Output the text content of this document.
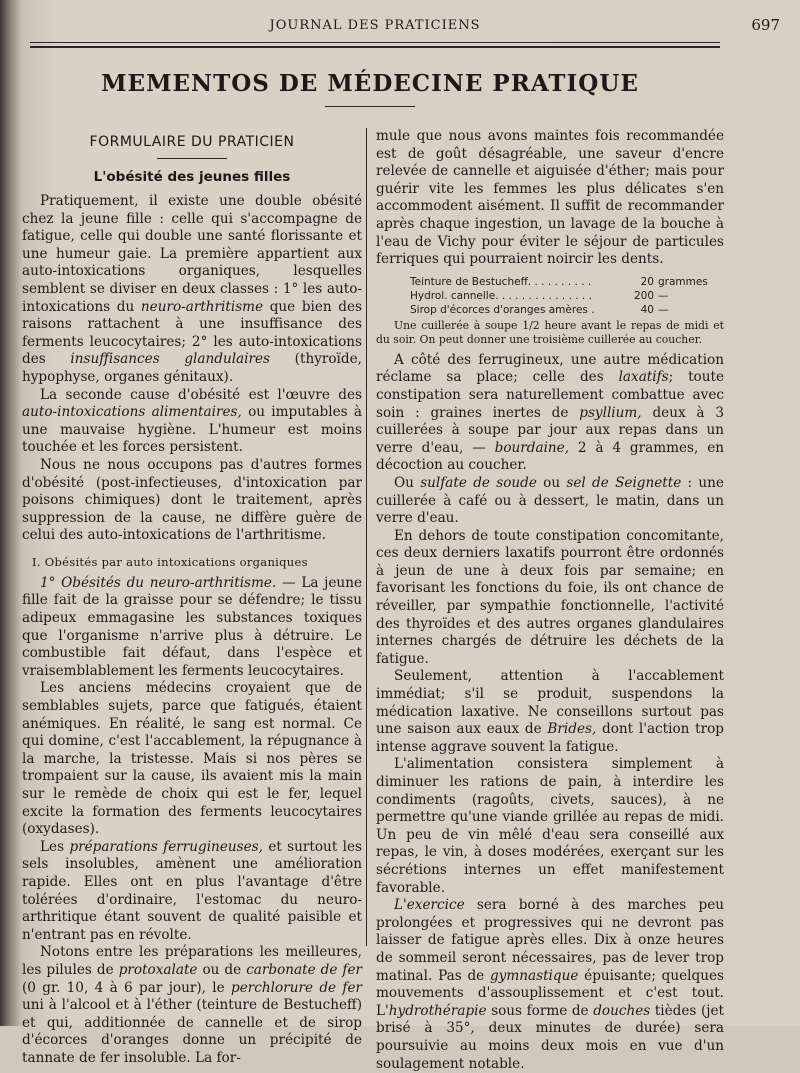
JOURNAL DES PRATICIENS	697
MEMENTOS DE MÉDECINE PRATIQUE
FORMULAIRE DU PRATICIEN
L'obésité des jeunes filles

Pratiquement, il existe une double obésité chez la jeune fille : celle qui s'accompagne de fatigue, celle qui double une santé florissante et une humeur gaie. La première appartient aux auto-intoxications organiques, lesquelles semblent se diviser en deux classes : 1° les auto-intoxications du neuro-arthritisme que bien des raisons rattachent à une insuffisance des ferments leucocytaires; 2° les auto-intoxications des insuffisances glandulaires (thyroïde, hypophyse, organes génitaux).

La seconde cause d'obésité est l'œuvre des auto-intoxications alimentaires, ou imputables à une mauvaise hygiène. L'humeur est moins touchée et les forces persistent.

Nous ne nous occupons pas d'autres formes d'obésité (post-infectieuses, d'intoxication par poisons chimiques) dont le traitement, après suppression de la cause, ne diffère guère de celui des auto-intoxications de l'arthritisme.

I. Obésités par auto intoxications organiques

1° Obésités du neuro-arthritisme. — La jeune fille fait de la graisse pour se défendre; le tissu adipeux emmagasine les substances toxiques que l'organisme n'arrive plus à détruire. Le combustible fait défaut, dans l'espèce et vraisemblablement les ferments leucocytaires.

Les anciens médecins croyaient que de semblables sujets, parce que fatigués, étaient anémiques. En réalité, le sang est normal. Ce qui domine, c'est l'accablement, la répugnance à la marche, la tristesse. Mais si nos pères se trompaient sur la cause, ils avaient mis la main sur le remède de choix qui est le fer, lequel excite la formation des ferments leucocytaires (oxydases).

Les préparations ferrugineuses, et surtout les sels insolubles, amènent une amélioration rapide. Elles ont en plus l'avantage d'être tolérées d'ordinaire, l'estomac du neuro-arthritique étant souvent de qualité paisible et n'entrant pas en révolte.

Notons entre les préparations les meilleures, les pilules de protoxalate ou de carbonate de fer (0 gr. 10, 4 à 6 par jour), le perchlorure de fer uni à l'alcool et à l'éther (teinture de Bestucheff) et qui, additionnée de cannelle et de sirop d'écorces d'oranges donne un précipité de tannate de fer insoluble. La for-

mule que nous avons maintes fois recommandée est de goût désagréable, une saveur d'encre relevée de cannelle et aiguisée d'éther; mais pour guérir vite les femmes les plus délicates s'en accommodent aisément. Il suffit de recommander après chaque ingestion, un lavage de la bouche à l'eau de Vichy pour éviter le séjour de particules ferriques qui pourraient noircir les dents.

Teinture de Bestucheff. . . . . . . . . .	20	grammes
Hydrol. cannelle. . . . . . . . . . . . . . .	200	—
Sirop d'écorces d'oranges amères .	40	—

Une cuillerée à soupe 1/2 heure avant le repas de midi et du soir. On peut donner une troisième cuillerée au coucher.

A côté des ferrugineux, une autre médication réclame sa place; celle des laxatifs; toute constipation sera naturellement combattue avec soin : graines inertes de psyllium, deux à 3 cuillerées à soupe par jour aux repas dans un verre d'eau, — bourdaine, 2 à 4 grammes, en décoction au coucher.

Ou sulfate de soude ou sel de Seignette : une cuillerée à café ou à dessert, le matin, dans un verre d'eau.

En dehors de toute constipation concomitante, ces deux derniers laxatifs pourront être ordonnés à jeun de une à deux fois par semaine; en favorisant les fonctions du foie, ils ont chance de réveiller, par sympathie fonctionnelle, l'activité des thyroïdes et des autres organes glandulaires internes chargés de détruire les déchets de la fatigue.

Seulement, attention à l'accablement immédiat; s'il se produit, suspendons la médication laxative. Ne conseillons surtout pas une saison aux eaux de Brides, dont l'action trop intense aggrave souvent la fatigue.

L'alimentation consistera simplement à diminuer les rations de pain, à interdire les condiments (ragoûts, civets, sauces), à ne permettre qu'une viande grillée au repas de midi. Un peu de vin mêlé d'eau sera conseillé aux repas, le vin, à doses modérées, exerçant sur les sécrétions internes un effet manifestement favorable.

L'exercice sera borné à des marches peu prolongées et progressives qui ne devront pas laisser de fatigue après elles. Dix à onze heures de sommeil seront nécessaires, pas de lever trop matinal. Pas de gymnastique épuisante; quelques mouvements d'assouplissement et c'est tout. L'hydrothérapie sous forme de douches tièdes (jet brisé à 35°, deux minutes de durée) sera poursuivie au moins deux mois en vue d'un soulagement notable.
